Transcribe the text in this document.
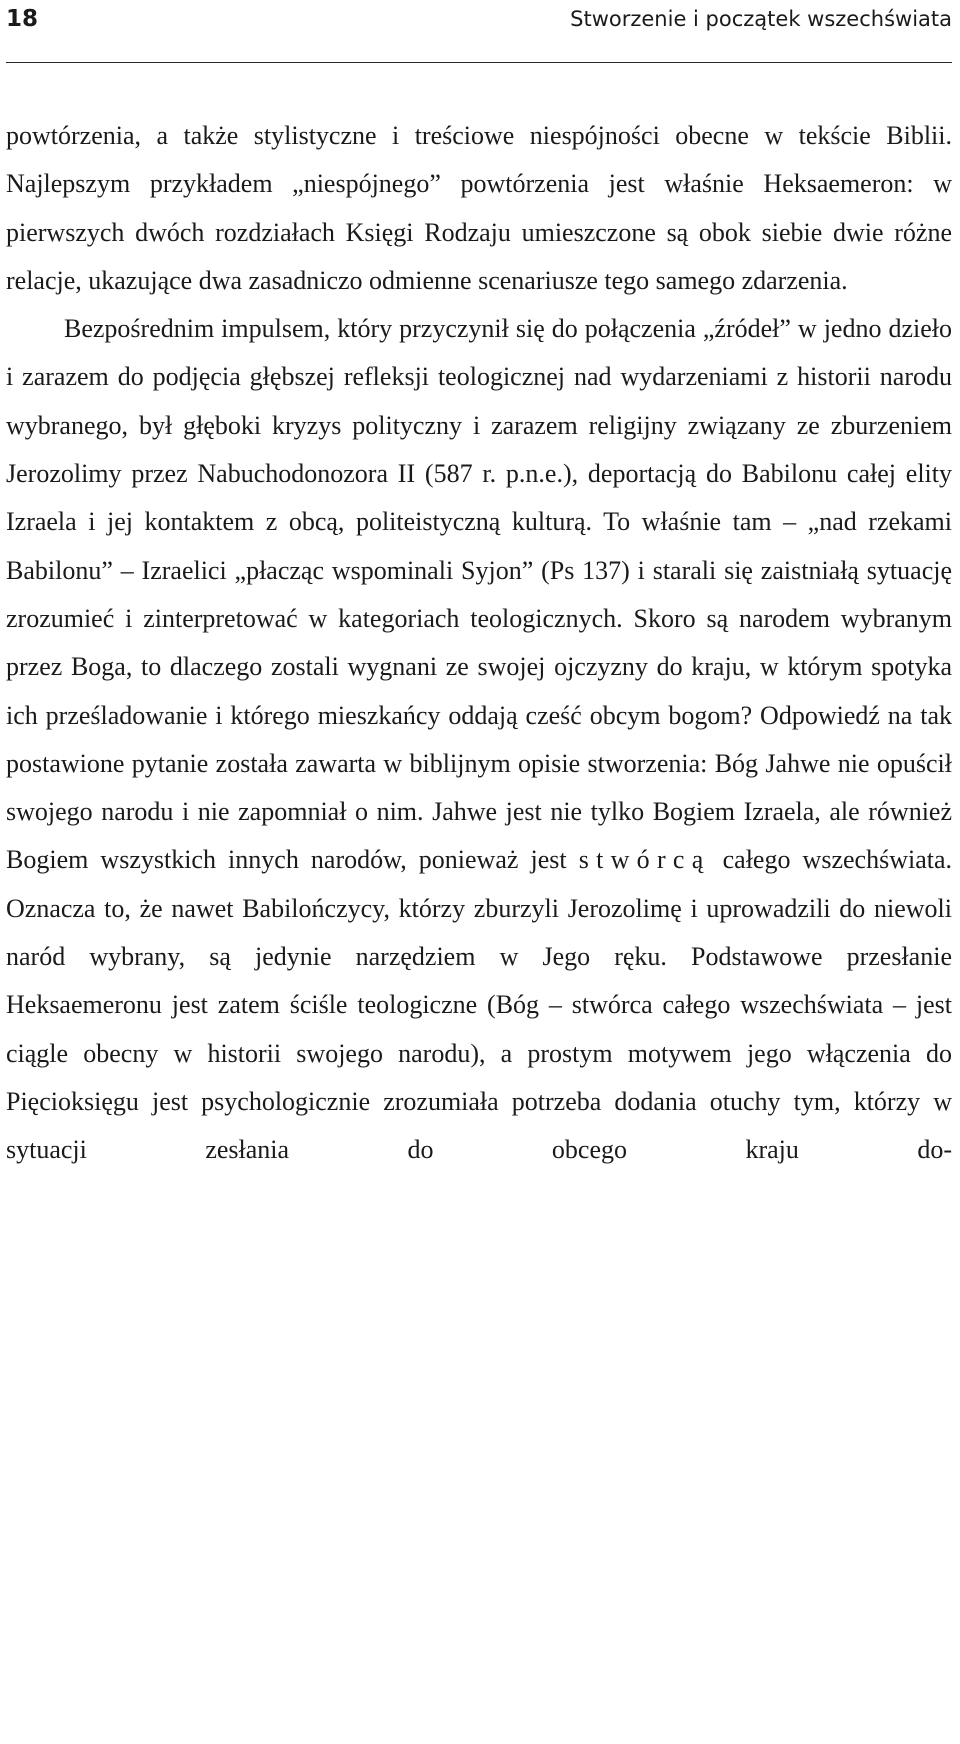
18	Stworzenie i początek wszechświata

powtórzenia, a także stylistyczne i treściowe niespójności obecne w tekście Biblii. Najlepszym przykładem „niespójnego” powtórzenia jest właśnie Heksaemeron: w pierwszych dwóch rozdziałach Księgi Rodzaju umieszczone są obok siebie dwie różne relacje, ukazujące dwa zasadniczo odmienne scenariusze tego samego zdarzenia.

Bezpośrednim impulsem, który przyczynił się do połączenia „źródeł” w jedno dzieło i zarazem do podjęcia głębszej refleksji teologicznej nad wydarzeniami z historii narodu wybranego, był głęboki kryzys polityczny i zarazem religijny związany ze zburzeniem Jerozolimy przez Nabuchodonozora II (587 r. p.n.e.), deportacją do Babilonu całej elity Izraela i jej kontaktem z obcą, politeistyczną kulturą. To właśnie tam – „nad rzekami Babilonu” – Izraelici „płacząc wspominali Syjon” (Ps 137) i starali się zaistniałą sytuację zrozumieć i zinterpretować w kategoriach teologicznych. Skoro są narodem wybranym przez Boga, to dlaczego zostali wygnani ze swojej ojczyzny do kraju, w którym spotyka ich prześladowanie i którego mieszkańcy oddają cześć obcym bogom? Odpowiedź na tak postawione pytanie została zawarta w biblijnym opisie stworzenia: Bóg Jahwe nie opuścił swojego narodu i nie zapomniał o nim. Jahwe jest nie tylko Bogiem Izraela, ale również Bogiem wszystkich innych narodów, ponieważ jest stwórcą całego wszechświata. Oznacza to, że nawet Babilończycy, którzy zburzyli Jerozolimę i uprowadzili do niewoli naród wybrany, są jedynie narzędziem w Jego ręku. Podstawowe przesłanie Heksaemeronu jest zatem ściśle teologiczne (Bóg – stwórca całego wszechświata – jest ciągle obecny w historii swojego narodu), a prostym motywem jego włączenia do Pięcioksięgu jest psychologicznie zrozumiała potrzeba dodania otuchy tym, którzy w sytuacji zesłania do obcego kraju do-
